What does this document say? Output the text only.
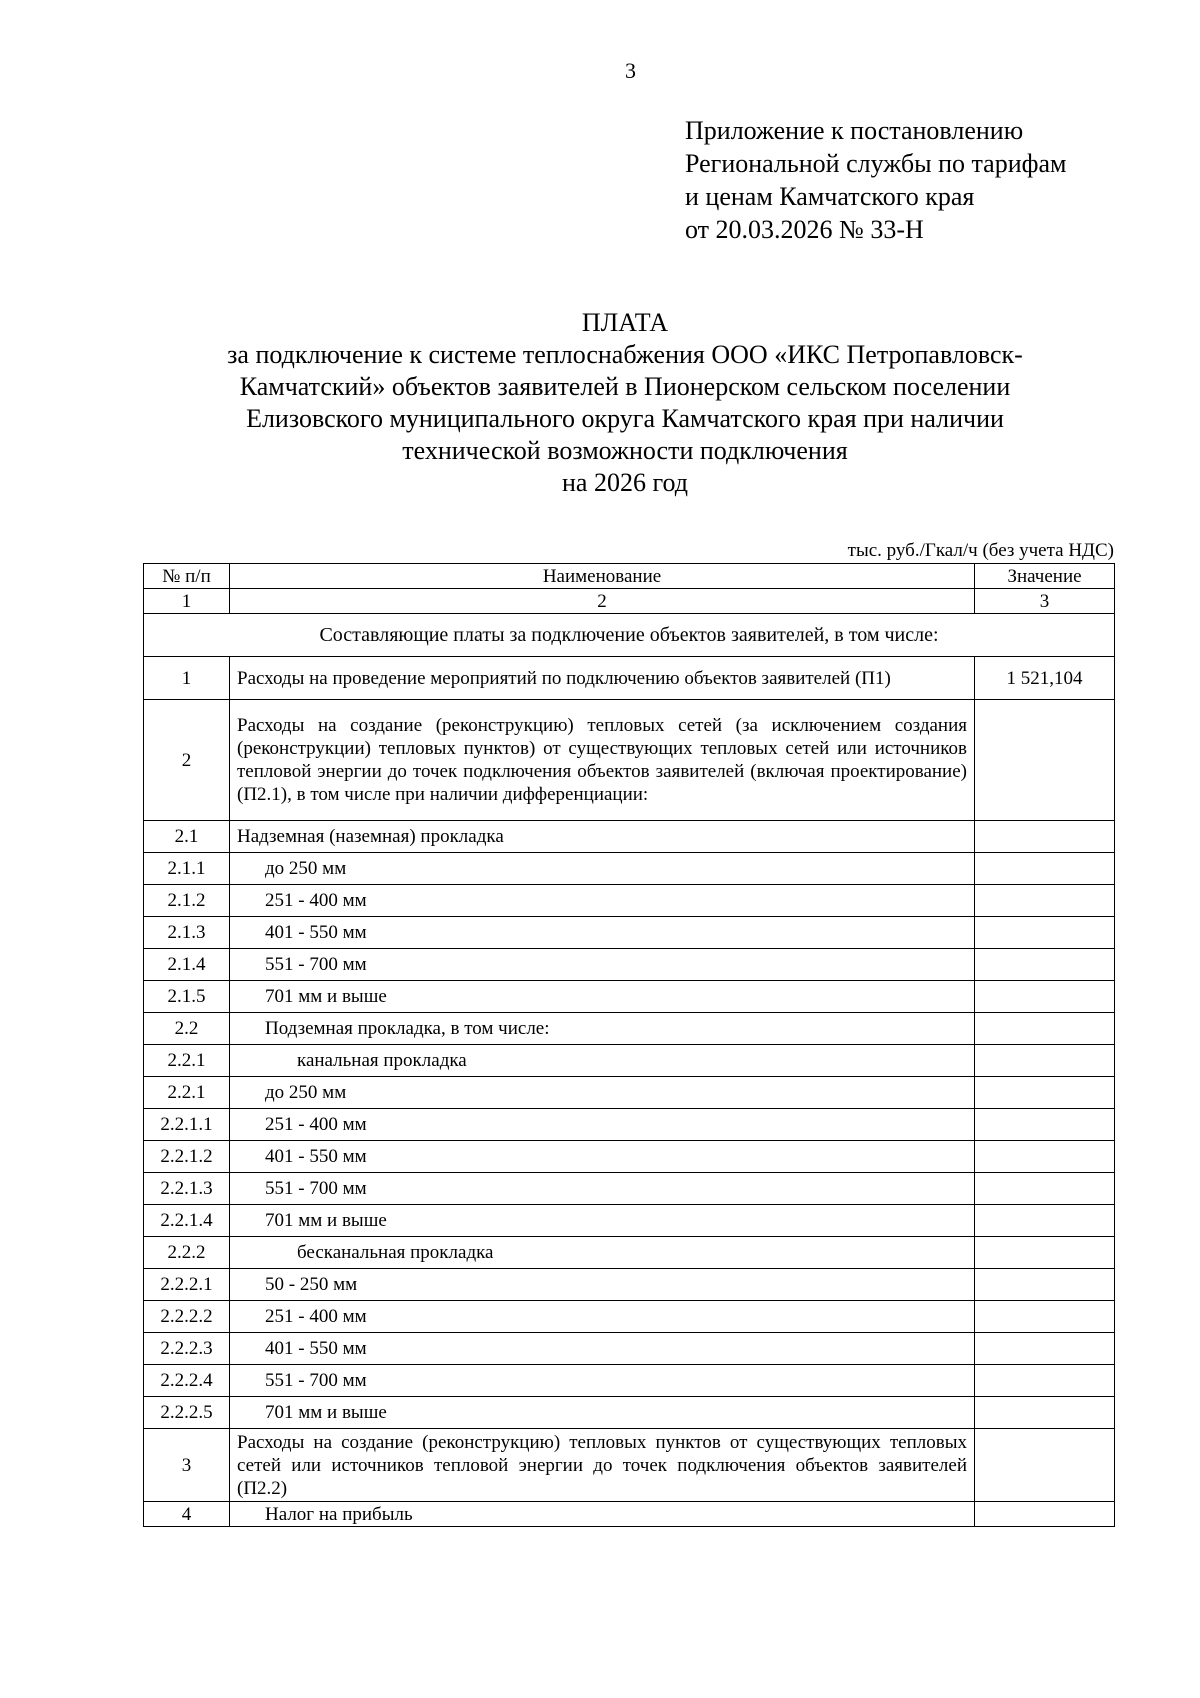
3
Приложение к постановлению
Региональной службы по тарифам
и ценам Камчатского края
от 20.03.2026 № 33-Н
ПЛАТА
за подключение к системе теплоснабжения ООО «ИКС Петропавловск-
Камчатский» объектов заявителей в Пионерском сельском поселении
Елизовского муниципального округа Камчатского края при наличии
технической возможности подключения
на 2026 год
тыс. руб./Гкал/ч (без учета НДС)
№ п/п	Наименование	Значение
1	2	3
Составляющие платы за подключение объектов заявителей, в том числе:		
1	Расходы на проведение мероприятий по подключению объектов заявителей (П1)	1 521,104
2	Расходы на создание (реконструкцию) тепловых сетей (за исключением создания (реконструкции) тепловых пунктов) от существующих тепловых сетей или источников тепловой энергии до точек подключения объектов заявителей (включая проектирование) (П2.1), в том числе при наличии дифференциации:	
2.1	Надземная (наземная) прокладка	
2.1.1	до 250 мм	
2.1.2	251 - 400 мм	
2.1.3	401 - 550 мм	
2.1.4	551 - 700 мм	
2.1.5	701 мм и выше	
2.2	Подземная прокладка, в том числе:	
2.2.1	канальная прокладка	
2.2.1	до 250 мм	
2.2.1.1	251 - 400 мм	
2.2.1.2	401 - 550 мм	
2.2.1.3	551 - 700 мм	
2.2.1.4	701 мм и выше	
2.2.2	бесканальная прокладка	
2.2.2.1	50 - 250 мм	
2.2.2.2	251 - 400 мм	
2.2.2.3	401 - 550 мм	
2.2.2.4	551 - 700 мм	
2.2.2.5	701 мм и выше	
3	Расходы на создание (реконструкцию) тепловых пунктов от существующих тепловых сетей или источников тепловой энергии до точек подключения объектов заявителей (П2.2)	
4	Налог на прибыль	
